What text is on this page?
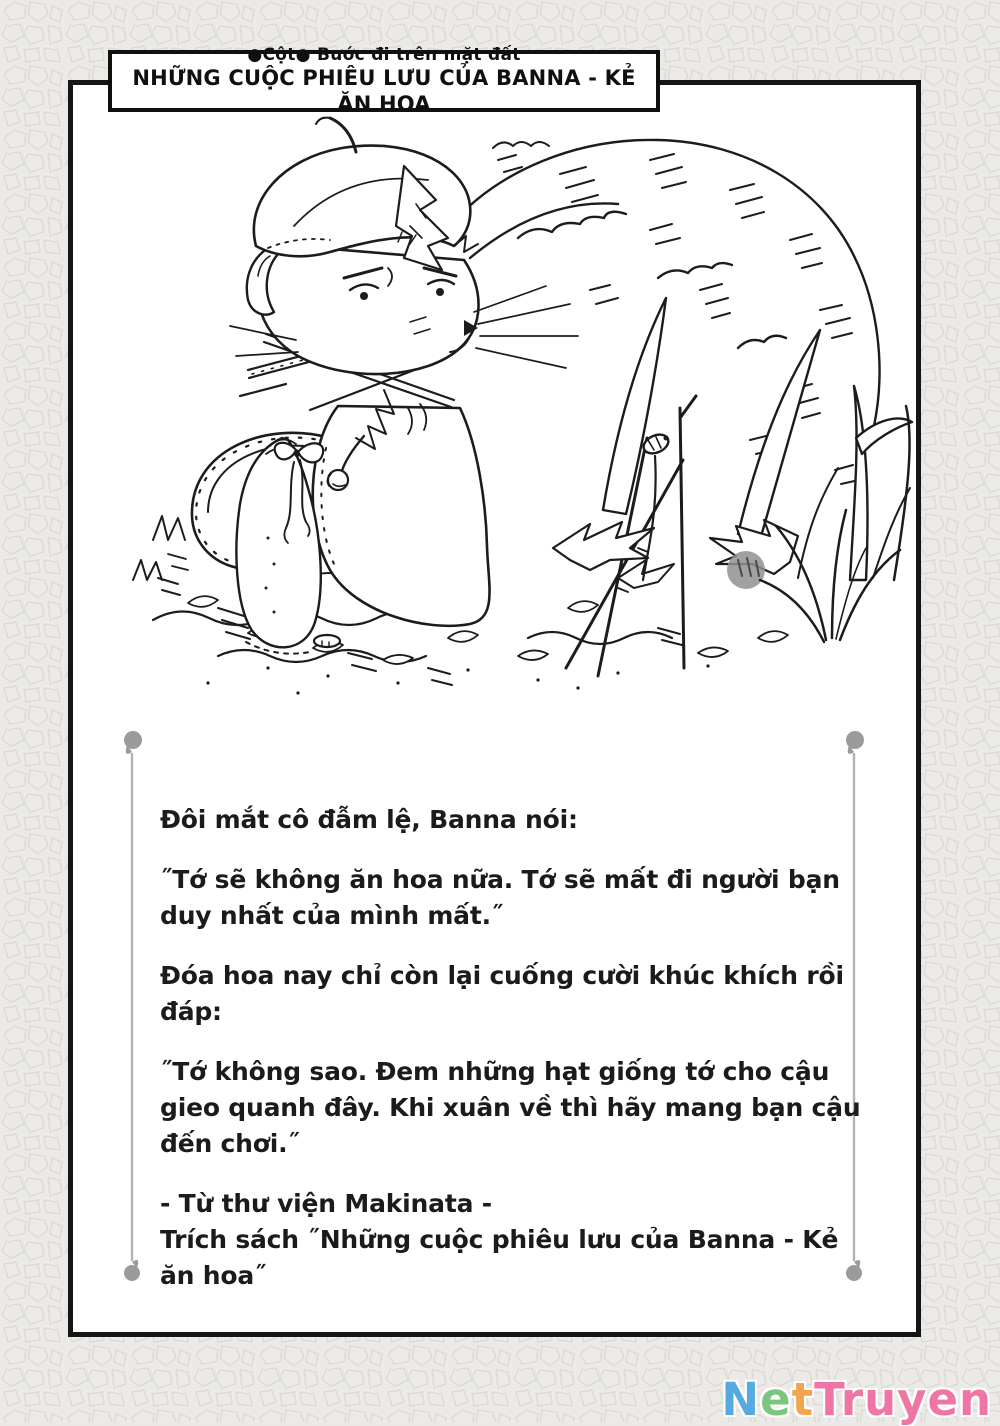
●Cột● Bước đi trên mặt đất
NHỮNG CUỘC PHIÊU LƯU CỦA BANNA - KẺ ĂN HOA

Đôi mắt cô đẫm lệ, Banna nói:

˝Tớ sẽ không ăn hoa nữa. Tớ sẽ mất đi người bạn duy nhất của mình mất.˝

Đóa hoa nay chỉ còn lại cuống cười khúc khích rồi đáp:

˝Tớ không sao. Đem những hạt giống tớ cho cậu gieo quanh đây. Khi xuân về thì hãy mang bạn cậu đến chơi.˝

- Từ thư viện Makinata -

Trích sách ˝Những cuộc phiêu lưu của Banna - Kẻ ăn hoa˝

NetTruyen
